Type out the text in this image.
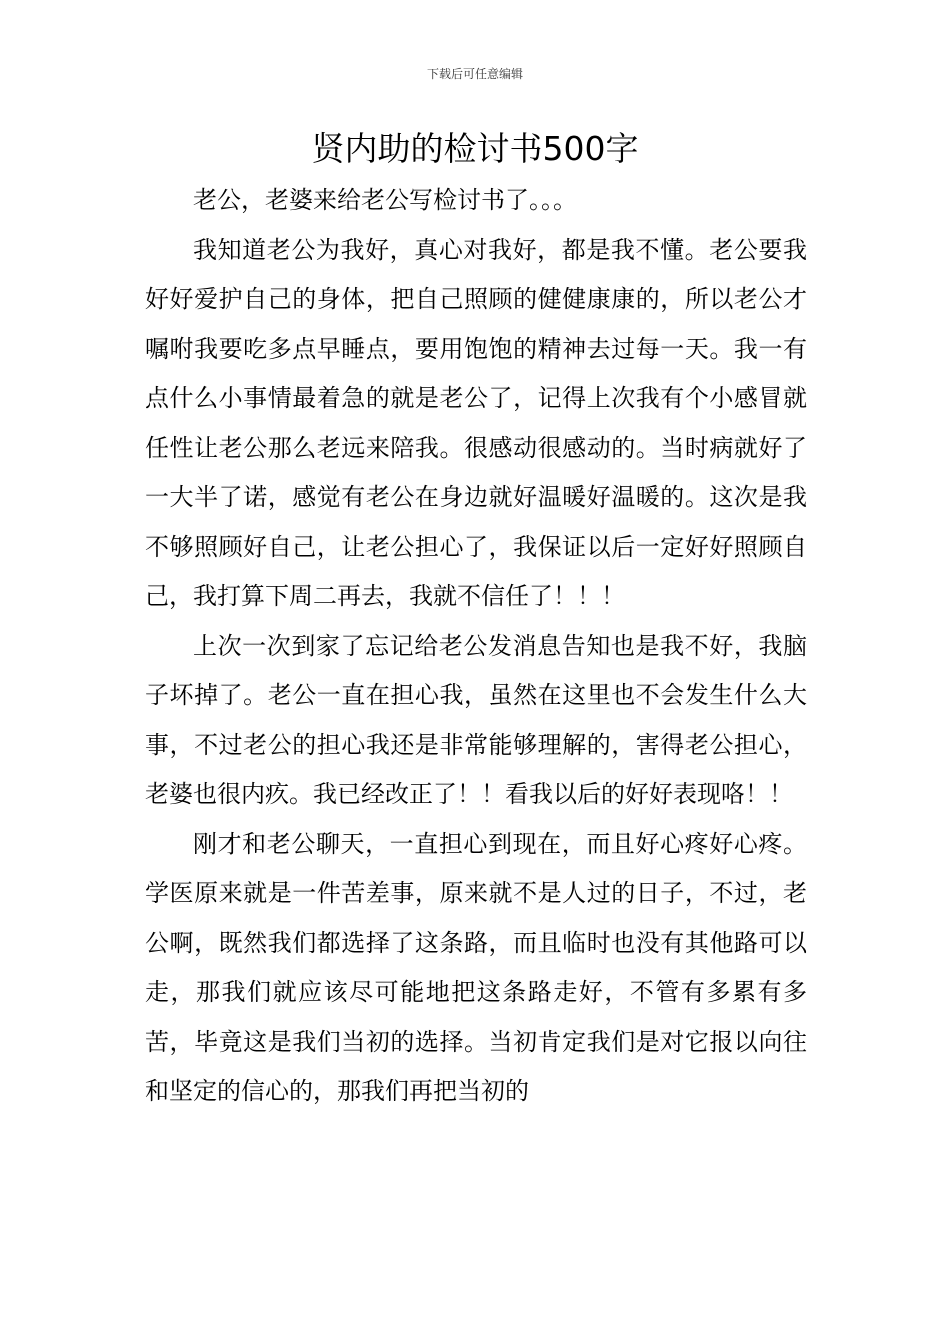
下载后可任意编辑
贤内助的检讨书500字

老公，老婆来给老公写检讨书了。。。

我知道老公为我好，真心对我好，都是我不懂。老公要我好好爱护自己的身体，把自己照顾的健健康康的，所以老公才嘱咐我要吃多点早睡点，要用饱饱的精神去过每一天。我一有点什么小事情最着急的就是老公了，记得上次我有个小感冒就任性让老公那么老远来陪我。很感动很感动的。当时病就好了一大半了诺，感觉有老公在身边就好温暖好温暖的。这次是我不够照顾好自己，让老公担心了，我保证以后一定好好照顾自己，我打算下周二再去，我就不信任了！！！

上次一次到家了忘记给老公发消息告知也是我不好，我脑子坏掉了。老公一直在担心我，虽然在这里也不会发生什么大事，不过老公的担心我还是非常能够理解的，害得老公担心，老婆也很内疚。我已经改正了！！看我以后的好好表现咯！！

刚才和老公聊天，一直担心到现在，而且好心疼好心疼。学医原来就是一件苦差事，原来就不是人过的日子，不过，老公啊，既然我们都选择了这条路，而且临时也没有其他路可以走，那我们就应该尽可能地把这条路走好，不管有多累有多苦，毕竟这是我们当初的选择。当初肯定我们是对它报以向往和坚定的信心的，那我们再把当初的
